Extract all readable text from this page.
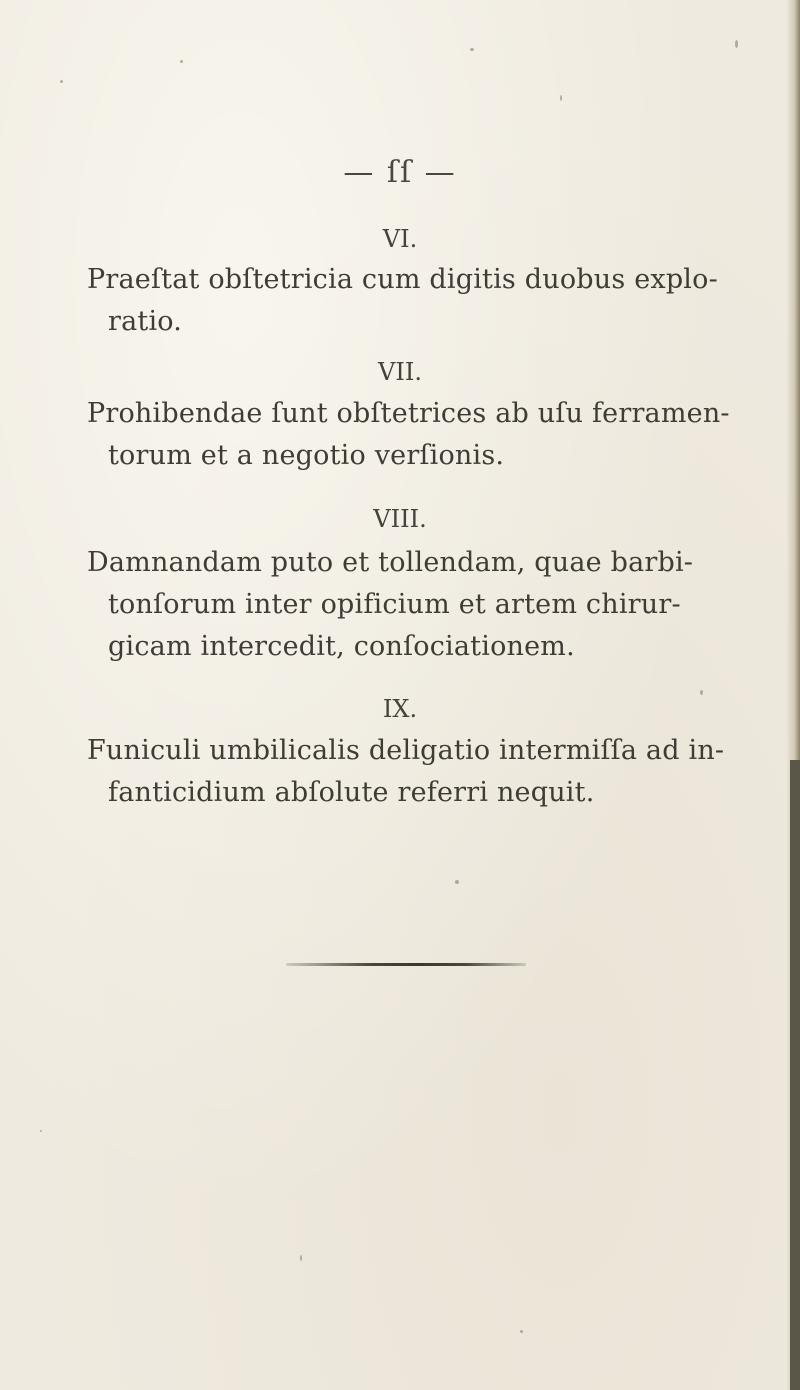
— ſſ —
VI.
Praeſtat obſtetricia cum digitis duobus explo-
ratio.
VII.
Prohibendae ſunt obſtetrices ab uſu ferramen-
torum et a negotio verſionis.
VIII.
Damnandam puto et tollendam, quae barbi-
tonſorum inter opificium et artem chirur-
gicam intercedit, conſociationem.
IX.
Funiculi umbilicalis deligatio intermiſſa ad in-
fanticidium abſolute referri nequit.
